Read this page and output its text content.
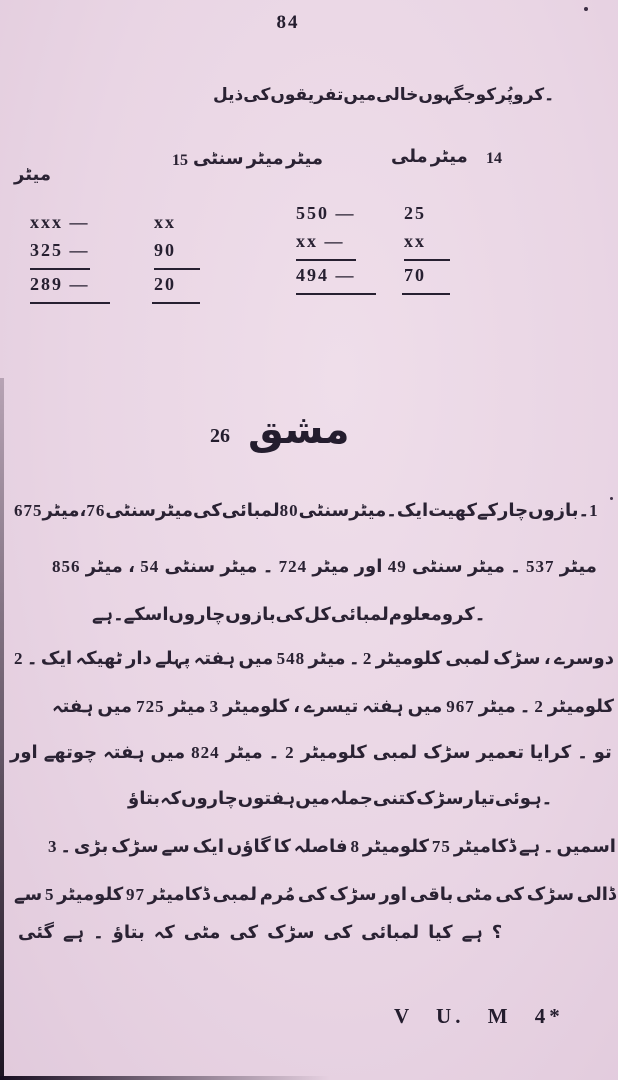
84
ذیل کی تفریقوں میں خالی جگہوں کو پُر کرو ۔
میٹر
15 سنٹی میٹر میٹر	ملی میٹر 14
xxx —	xx
325 —	90
289 —	20
550 —	25
xx —	xx
494 —	70
26 مشق
675 میٹر ، 76 سنٹی میٹر کی لمبائی 80 سنٹی میٹر ۔ ایک کھیت کے چار بازوں ۔ 1
856 میٹر ، 54 سنٹی میٹر ۔ 724 میٹر اور 49 سنٹی میٹر ۔ 537 میٹر
ہے ۔ اسکے چاروں بازوں کی کل لمبائی معلوم کرو ۔
2 ۔ ایک ٹھیکہ دار پہلے ہفتہ میں 548 میٹر ۔ 2 کلومیٹر لمبی سڑک ، دوسرے
ہفتہ میں 725 میٹر 3 کلومیٹر ، تیسرے ہفتہ میں 967 میٹر ۔ 2 کلومیٹر
اور چوتھے ہفتہ میں 824 میٹر ۔ 2 کلومیٹر لمبی سڑک تعمیر کرایا ۔ تو
بتاؤ کہ چاروں ہفتوں میں جملہ کتنی سڑک تیار ہوئی ۔
3 ۔ بڑی سڑک سے ایک گاؤں کا فاصلہ 8 کلومیٹر 75 ڈکامیٹر ہے ۔ اسمیں
سے 5 کلومیٹر 97 ڈکامیٹر لمبی مُرم کی سڑک اور باقی مٹی کی سڑک ڈالی
گئی ہے ۔ بتاؤ کہ مٹی کی سڑک کی لمبائی کیا ہے ؟
V U. M 4*
